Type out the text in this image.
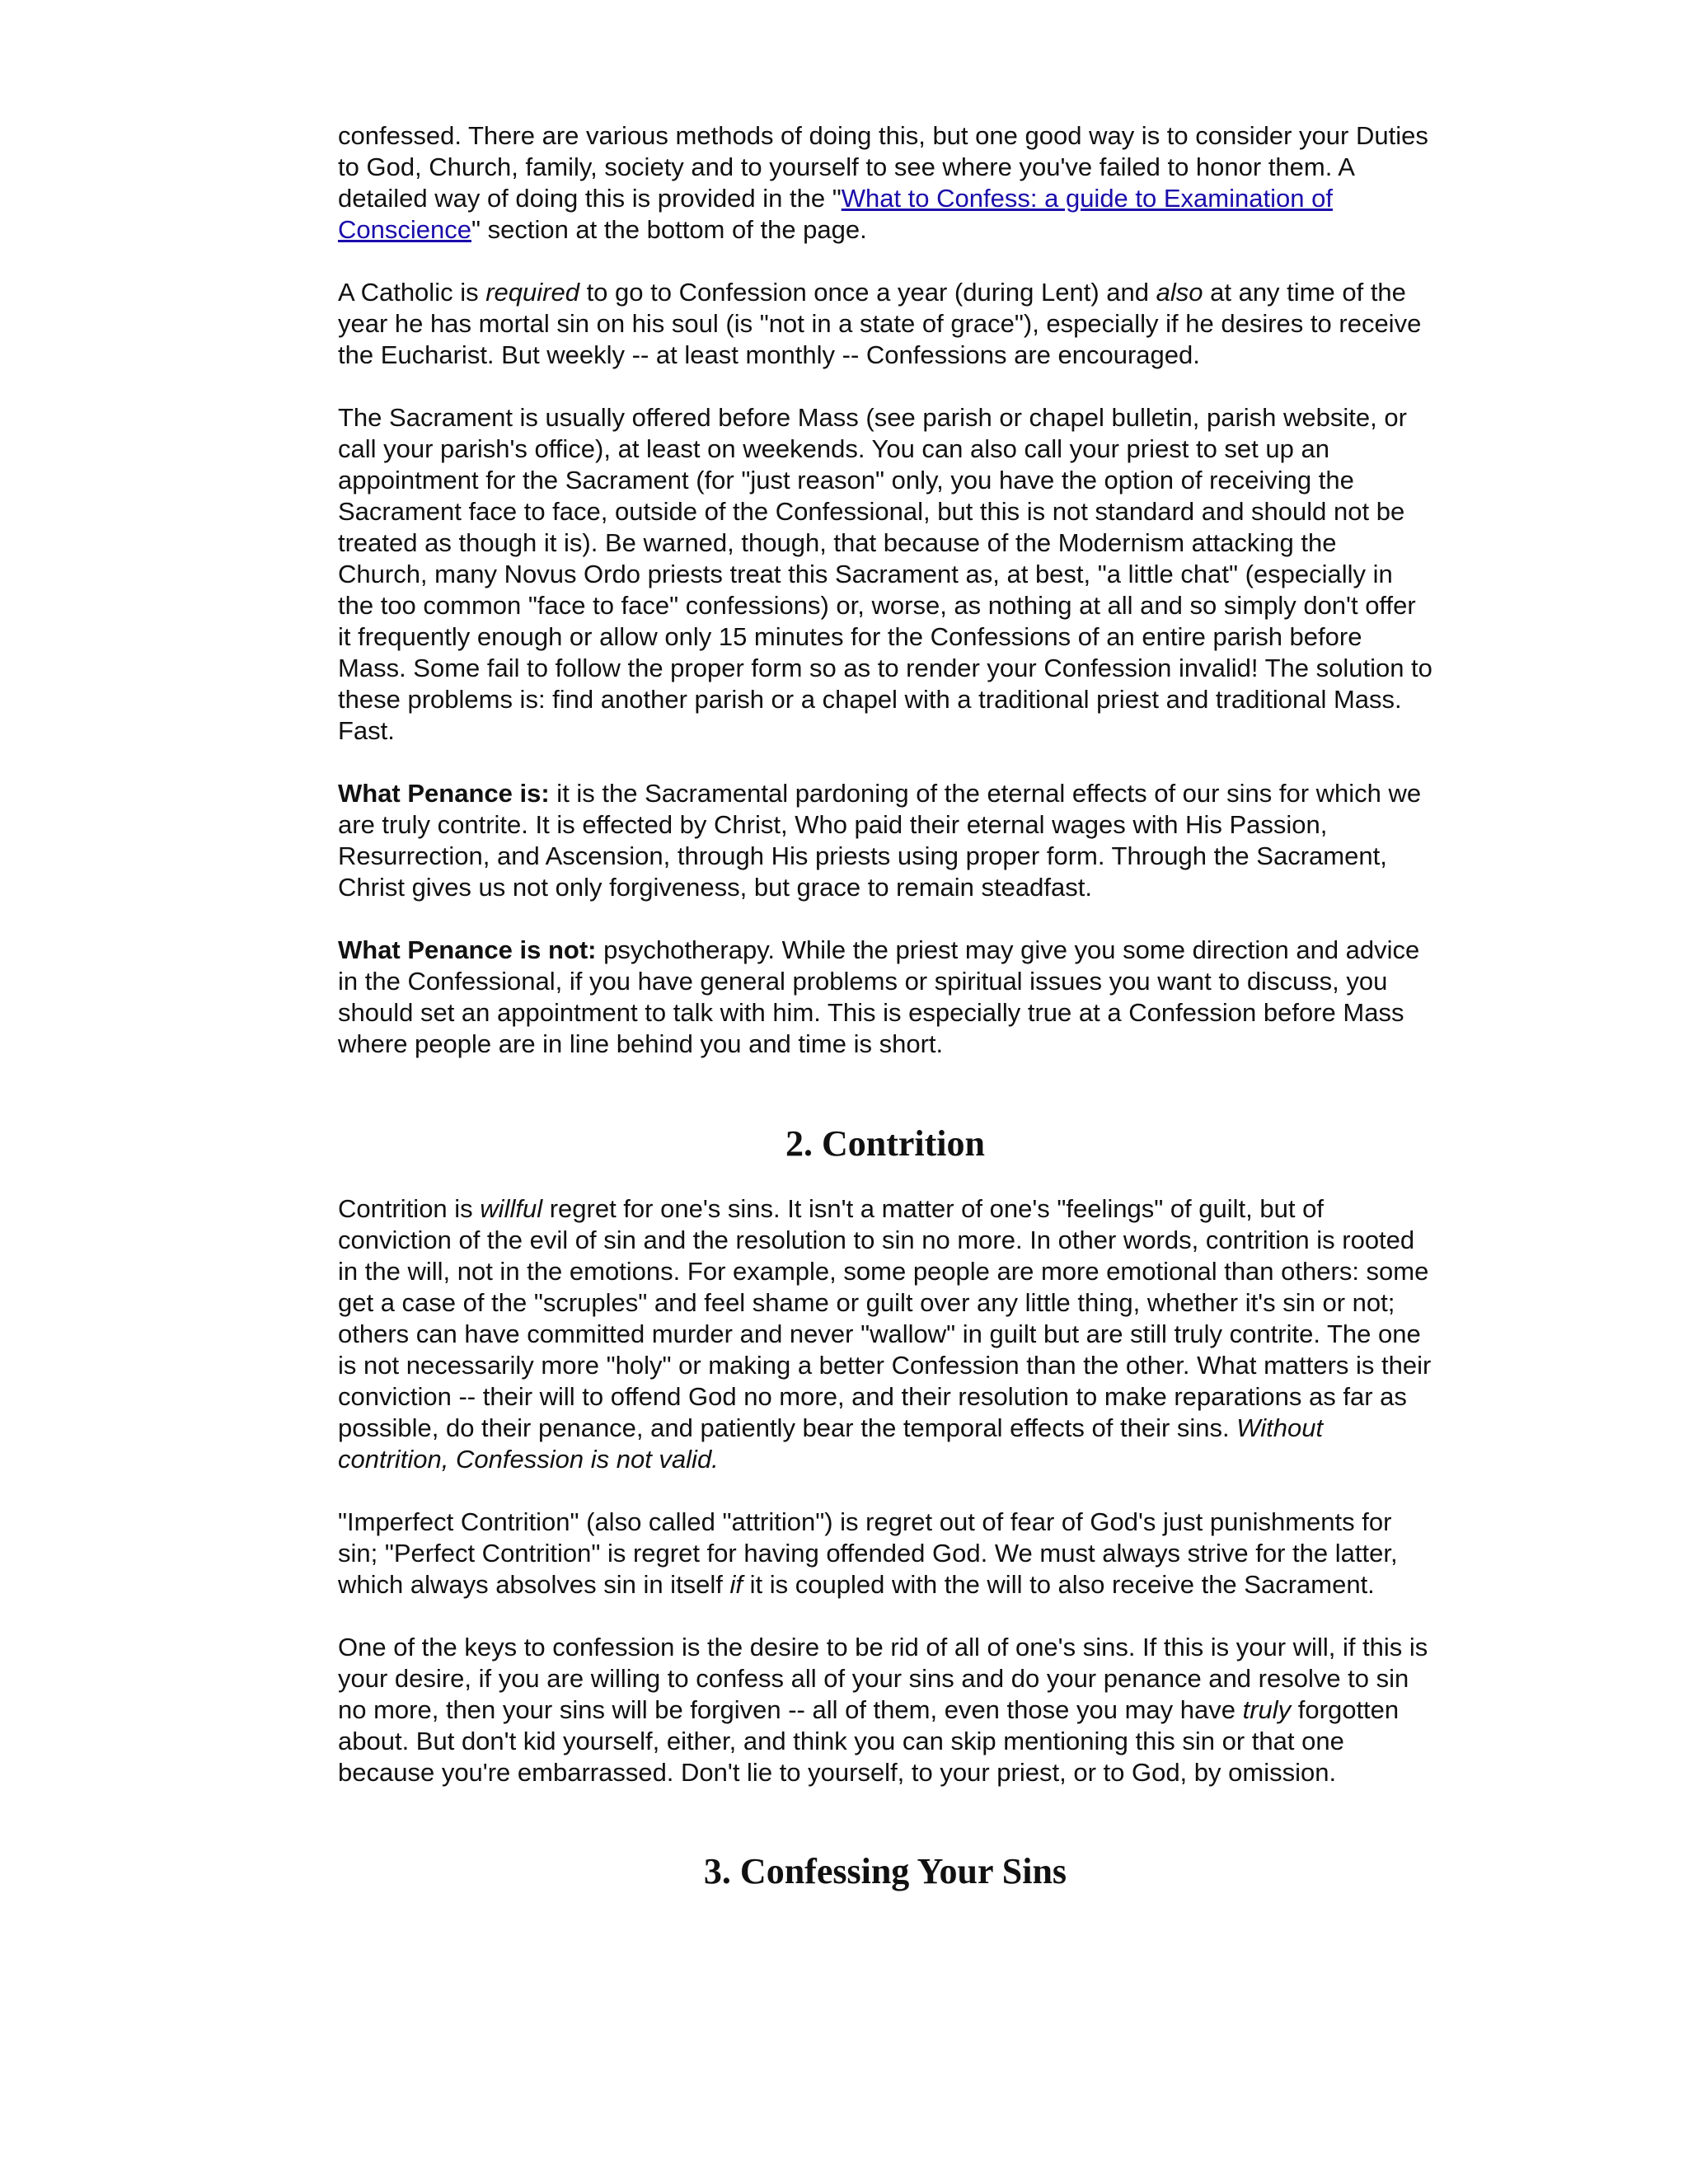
confessed. There are various methods of doing this, but one good way is to consider your Duties to God, Church, family, society and to yourself to see where you've failed to honor them. A detailed way of doing this is provided in the "What to Confess: a guide to Examination of Conscience" section at the bottom of the page.

A Catholic is required to go to Confession once a year (during Lent) and also at any time of the year he has mortal sin on his soul (is "not in a state of grace"), especially if he desires to receive the Eucharist. But weekly -- at least monthly -- Confessions are encouraged.

The Sacrament is usually offered before Mass (see parish or chapel bulletin, parish website, or call your parish's office), at least on weekends. You can also call your priest to set up an appointment for the Sacrament (for "just reason" only, you have the option of receiving the Sacrament face to face, outside of the Confessional, but this is not standard and should not be treated as though it is). Be warned, though, that because of the Modernism attacking the Church, many Novus Ordo priests treat this Sacrament as, at best, "a little chat" (especially in the too common "face to face" confessions) or, worse, as nothing at all and so simply don't offer it frequently enough or allow only 15 minutes for the Confessions of an entire parish before Mass. Some fail to follow the proper form so as to render your Confession invalid! The solution to these problems is: find another parish or a chapel with a traditional priest and traditional Mass. Fast.

What Penance is: it is the Sacramental pardoning of the eternal effects of our sins for which we are truly contrite. It is effected by Christ, Who paid their eternal wages with His Passion, Resurrection, and Ascension, through His priests using proper form. Through the Sacrament, Christ gives us not only forgiveness, but grace to remain steadfast.

What Penance is not: psychotherapy. While the priest may give you some direction and advice in the Confessional, if you have general problems or spiritual issues you want to discuss, you should set an appointment to talk with him. This is especially true at a Confession before Mass where people are in line behind you and time is short.

2. Contrition

Contrition is willful regret for one's sins. It isn't a matter of one's "feelings" of guilt, but of conviction of the evil of sin and the resolution to sin no more. In other words, contrition is rooted in the will, not in the emotions. For example, some people are more emotional than others: some get a case of the "scruples" and feel shame or guilt over any little thing, whether it's sin or not; others can have committed murder and never "wallow" in guilt but are still truly contrite. The one is not necessarily more "holy" or making a better Confession than the other. What matters is their conviction -- their will to offend God no more, and their resolution to make reparations as far as possible, do their penance, and patiently bear the temporal effects of their sins. Without contrition, Confession is not valid.

"Imperfect Contrition" (also called "attrition") is regret out of fear of God's just punishments for sin; "Perfect Contrition" is regret for having offended God. We must always strive for the latter, which always absolves sin in itself if it is coupled with the will to also receive the Sacrament.

One of the keys to confession is the desire to be rid of all of one's sins. If this is your will, if this is your desire, if you are willing to confess all of your sins and do your penance and resolve to sin no more, then your sins will be forgiven -- all of them, even those you may have truly forgotten about. But don't kid yourself, either, and think you can skip mentioning this sin or that one because you're embarrassed. Don't lie to yourself, to your priest, or to God, by omission.

3. Confessing Your Sins
